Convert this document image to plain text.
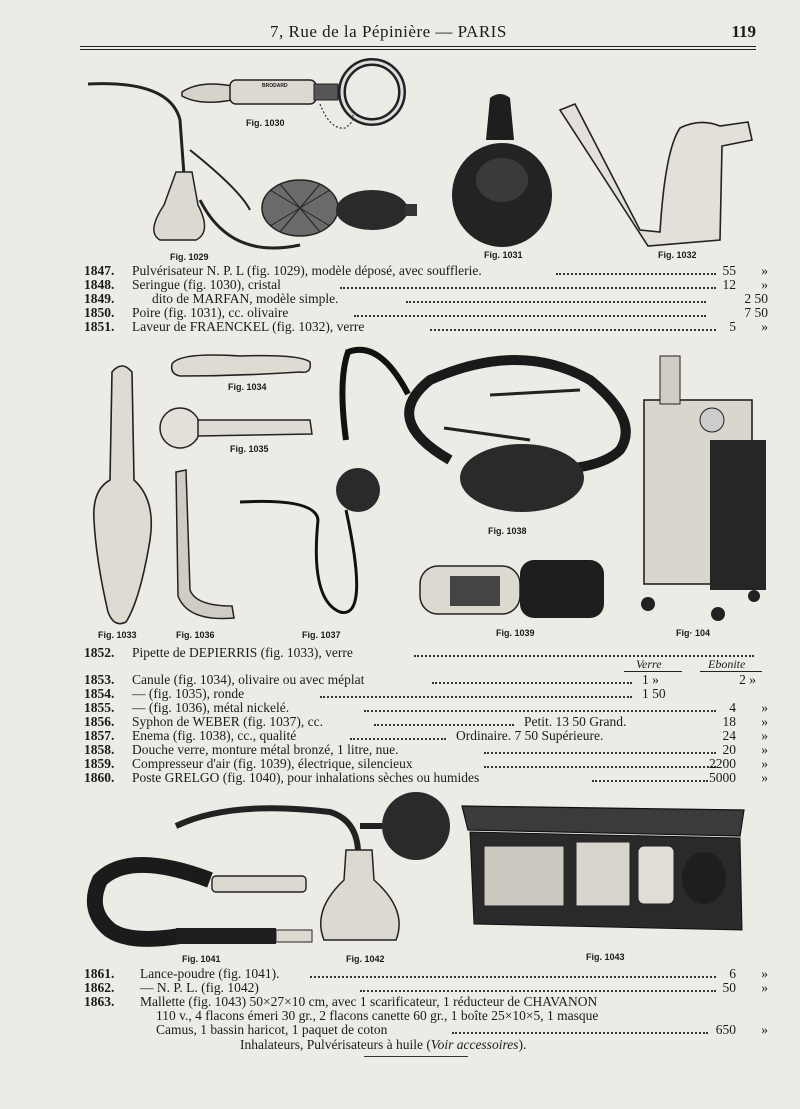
7, Rue de la Pépinière — PARIS	119
Fig. 1030
Fig. 1029	Fig. 1031	Fig. 1032
BRODARD
1847. Pulvérisateur N. P. L (fig. 1029), modèle déposé, avec soufflerie.	55 »
1848. Seringue (fig. 1030), cristal	12 »
1849.	dito de MARFAN, modèle simple.	2 50
1850. Poire (fig. 1031), cc. olivaire	7 50
1851. Laveur de FRAENCKEL (fig. 1032), verre	5 »
Fig. 1034
Fig. 1035
Fig. 1033	Fig. 1036	Fig. 1037
Fig. 1038
Fig. 1039	Fig· 104
1852. Pipette de DEPIERRIS (fig. 1033), verre
Verre	Ebonite
1853. Canule (fig. 1034), olivaire ou avec méplat	1 »	2 »
1854. — (fig. 1035), ronde	1 50
1855. — (fig. 1036), métal nickelé.	4 »
1856. Syphon de WEBER (fig. 1037), cc.	Petit. 13 50 Grand.	18 »
1857. Enema (fig. 1038), cc., qualité	Ordinaire. 7 50 Supérieure.	24 »
1858. Douche verre, monture métal bronzé, 1 litre, nue.	20 »
1859. Compresseur d'air (fig. 1039), électrique, silencieux	2200 »
1860. Poste GRELGO (fig. 1040), pour inhalations sèches ou humides	5000 »
Fig. 1041	Fig. 1042	Fig. 1043
1861. Lance-poudre (fig. 1041).	6 »
1862. — N. P. L. (fig. 1042)	50 »
1863. Mallette (fig. 1043) 50×27×10 cm, avec 1 scarificateur, 1 réducteur de CHAVANON
110 v., 4 flacons émeri 30 gr., 2 flacons canette 60 gr., 1 boîte 25×10×5, 1 masque
Camus, 1 bassin haricot, 1 paquet de coton	650 »
Inhalateurs, Pulvérisateurs à huile (Voir accessoires).
